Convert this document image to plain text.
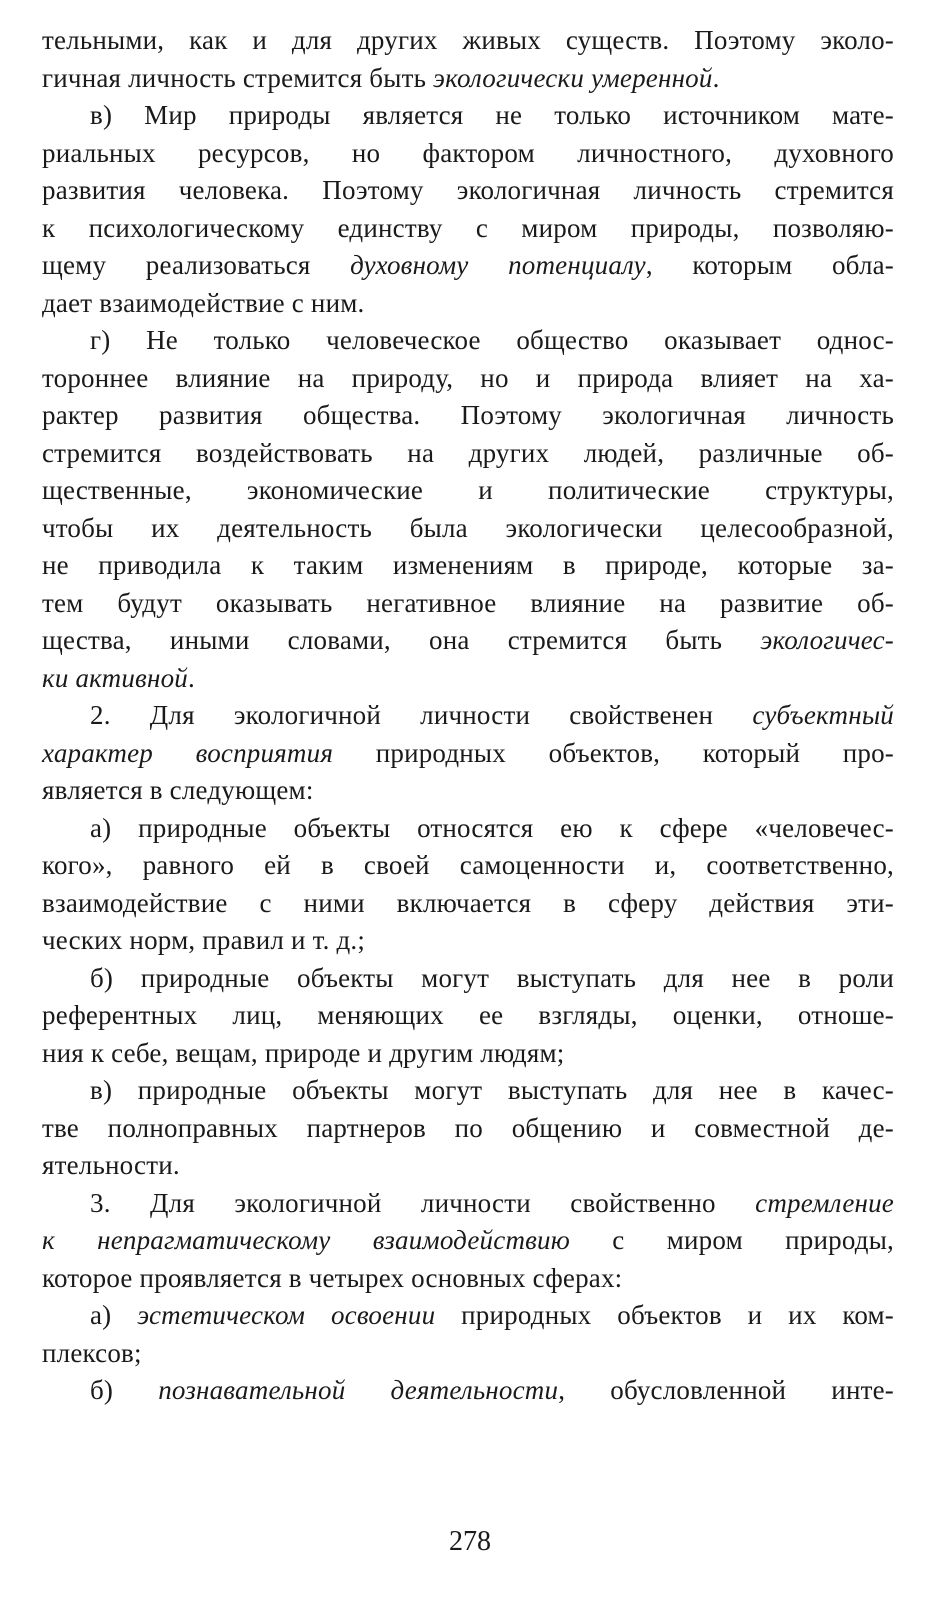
тельными, как и для других живых существ. Поэтому эколо-
гичная личность стремится быть экологически умеренной.
в) Мир природы является не только источником мате-
риальных ресурсов, но фактором личностного, духовного
развития человека. Поэтому экологичная личность стремится
к психологическому единству с миром природы, позволяю-
щему реализоваться духовному потенциалу, которым обла-
дает взаимодействие с ним.
г) Не только человеческое общество оказывает однос-
тороннее влияние на природу, но и природа влияет на ха-
рактер развития общества. Поэтому экологичная личность
стремится воздействовать на других людей, различные об-
щественные, экономические и политические структуры,
чтобы их деятельность была экологически целесообразной,
не приводила к таким изменениям в природе, которые за-
тем будут оказывать негативное влияние на развитие об-
щества, иными словами, она стремится быть экологичес-
ки активной.
2. Для экологичной личности свойственен субъектный
характер восприятия природных объектов, который про-
является в следующем:
а) природные объекты относятся ею к сфере «человечес-
кого», равного ей в своей самоценности и, соответственно,
взаимодействие с ними включается в сферу действия эти-
ческих норм, правил и т. д.;
б) природные объекты могут выступать для нее в роли
референтных лиц, меняющих ее взгляды, оценки, отноше-
ния к себе, вещам, природе и другим людям;
в) природные объекты могут выступать для нее в качес-
тве полноправных партнеров по общению и совместной де-
ятельности.
3. Для экологичной личности свойственно стремление
к непрагматическому взаимодействию с миром природы,
которое проявляется в четырех основных сферах:
а) эстетическом освоении природных объектов и их ком-
плексов;
б) познавательной деятельности, обусловленной инте-
278
